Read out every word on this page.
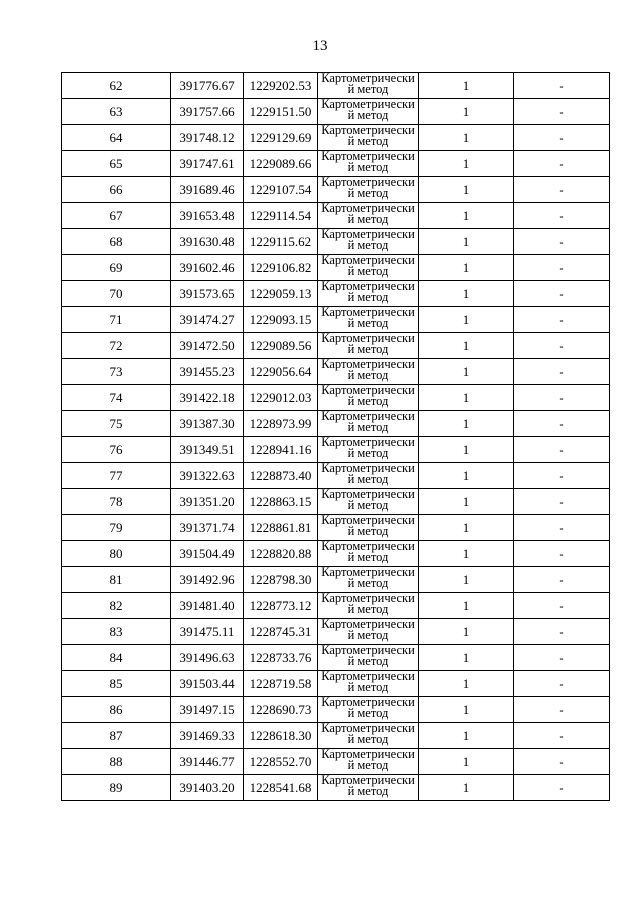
13
62	391776.67	1229202.53	Картометрически й метод	1	-
63	391757.66	1229151.50	Картометрически й метод	1	-
64	391748.12	1229129.69	Картометрически й метод	1	-
65	391747.61	1229089.66	Картометрически й метод	1	-
66	391689.46	1229107.54	Картометрически й метод	1	-
67	391653.48	1229114.54	Картометрически й метод	1	-
68	391630.48	1229115.62	Картометрически й метод	1	-
69	391602.46	1229106.82	Картометрически й метод	1	-
70	391573.65	1229059.13	Картометрически й метод	1	-
71	391474.27	1229093.15	Картометрически й метод	1	-
72	391472.50	1229089.56	Картометрически й метод	1	-
73	391455.23	1229056.64	Картометрически й метод	1	-
74	391422.18	1229012.03	Картометрически й метод	1	-
75	391387.30	1228973.99	Картометрически й метод	1	-
76	391349.51	1228941.16	Картометрически й метод	1	-
77	391322.63	1228873.40	Картометрически й метод	1	-
78	391351.20	1228863.15	Картометрически й метод	1	-
79	391371.74	1228861.81	Картометрически й метод	1	-
80	391504.49	1228820.88	Картометрически й метод	1	-
81	391492.96	1228798.30	Картометрически й метод	1	-
82	391481.40	1228773.12	Картометрически й метод	1	-
83	391475.11	1228745.31	Картометрически й метод	1	-
84	391496.63	1228733.76	Картометрически й метод	1	-
85	391503.44	1228719.58	Картометрически й метод	1	-
86	391497.15	1228690.73	Картометрически й метод	1	-
87	391469.33	1228618.30	Картометрически й метод	1	-
88	391446.77	1228552.70	Картометрически й метод	1	-
89	391403.20	1228541.68	Картометрически й метод	1	-
